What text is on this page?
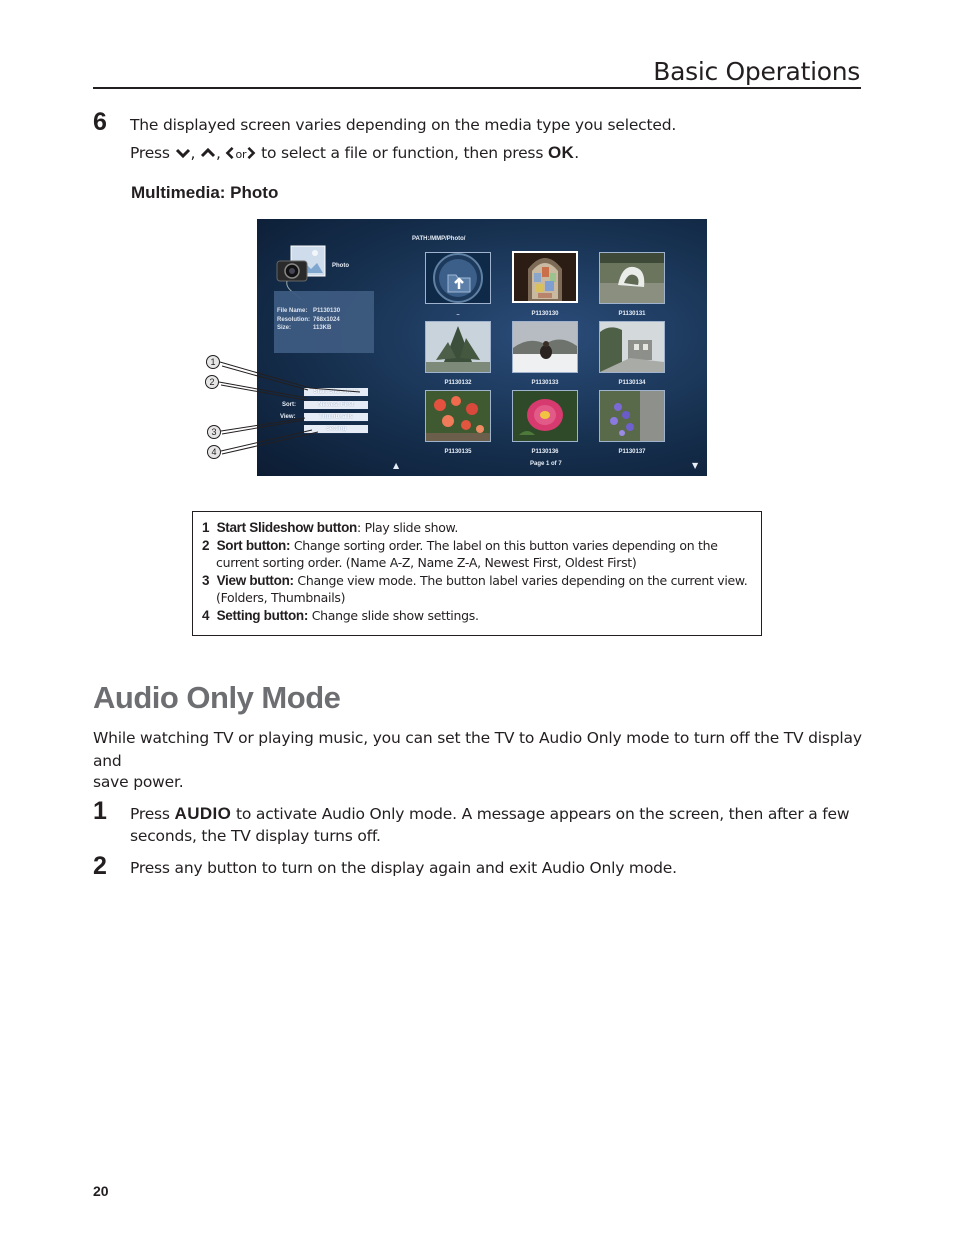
Basic Operations
6 The displayed screen varies depending on the media type you selected.
Press , , or to select a file or function, then press OK.
Multimedia: Photo
PATH:/MMP/Photo/
Photo
File Name: P1130130
Resolution: 768x1024
Size:	113KB
Start Slideshow
Sort:	Newest First
View:	Thumbnails
Setting
..	P1130130	P1130131
P1130132	P1130133	P1130134
P1130135	P1130136	P1130137
▲	Page 1 of 7	▼
1
2
3
4
1 Start Slideshow button: Play slide show.
2 Sort button: Change sorting order. The label on this button varies depending on the
current sorting order. (Name A-Z, Name Z-A, Newest First, Oldest First)
3 View button: Change view mode. The button label varies depending on the current view.
(Folders, Thumbnails)
4 Setting button: Change slide show settings.
Audio Only Mode
While watching TV or playing music, you can set the TV to Audio Only mode to turn off the TV display and
save power.
1 Press AUDIO to activate Audio Only mode. A message appears on the screen, then after a few
seconds, the TV display turns off.
2 Press any button to turn on the display again and exit Audio Only mode.
20
